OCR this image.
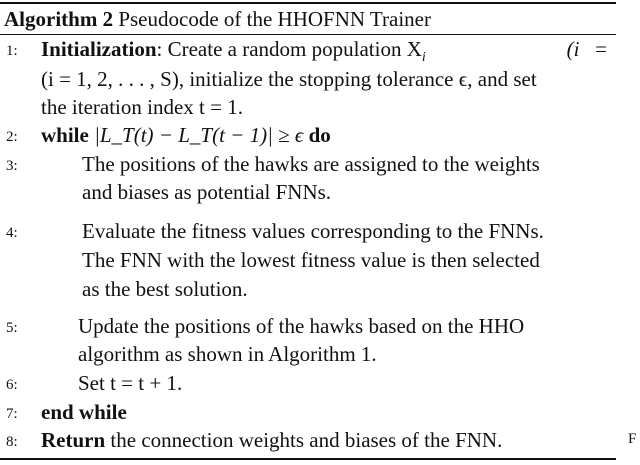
Algorithm 2 Pseudocode of the HHOFNN Trainer
1: Initialization: Create a random population $X_i$	(i   =
(i = 1, 2, . . . , S), initialize the stopping tolerance ϵ, and set
the iteration index t = 1.
2: while |L_T(t) − L_T(t − 1)| ≥ ϵ do
3:	The positions of the hawks are assigned to the weights
and biases as potential FNNs.
4:	Evaluate the fitness values corresponding to the FNNs.
The FNN with the lowest fitness value is then selected
as the best solution.
5:	Update the positions of the hawks based on the HHO
algorithm as shown in Algorithm 1.
6:	Set t = t + 1.
7: end while
8: Return the connection weights and biases of the FNN.	F
